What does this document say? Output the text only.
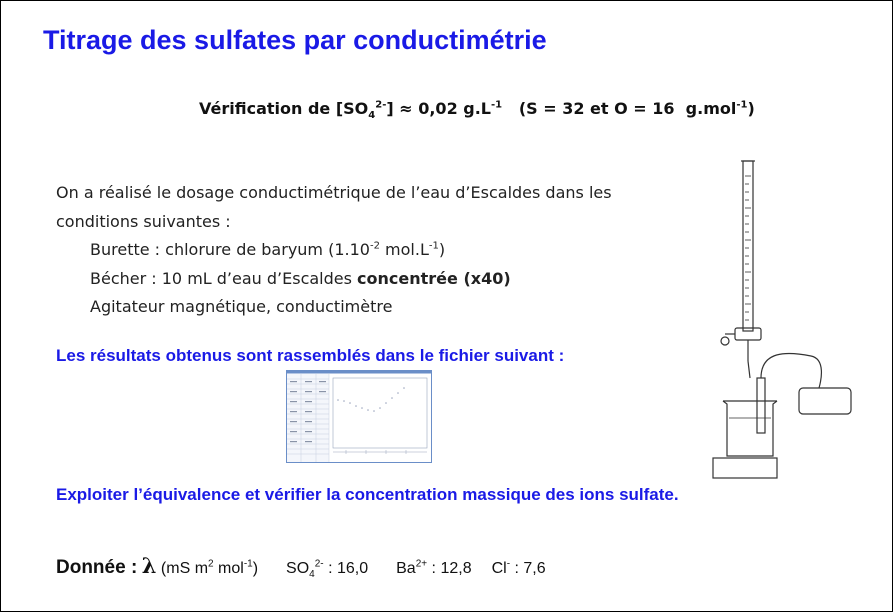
Titrage des sulfates par conductimétrie
Vérification de $[SO_4^{2-}] \approx 0,02$ $g.L^{-1}$   (S = 32 et O = 16  g.mol$^{-1}$)
On a réalisé le dosage conductimétrique de l’eau d’Escaldes dans les
conditions suivantes :
Burette : chlorure de baryum ($1.10^{-2}$ $mol.L^{-1}$)
Bécher : 10 mL d’eau d’Escaldes concentrée (x40)
Agitateur magnétique, conductimètre
Les résultats obtenus sont rassemblés dans le fichier suivant :
Exploiter l’équivalence et vérifier la concentration massique des ions sulfate.
Donnée : λ (mS $m^2$ mol$^{-1}$) $SO_4^{2-}$ : 16,0 $Ba^{2+}$ : 12,8 Cl- : 7,6
